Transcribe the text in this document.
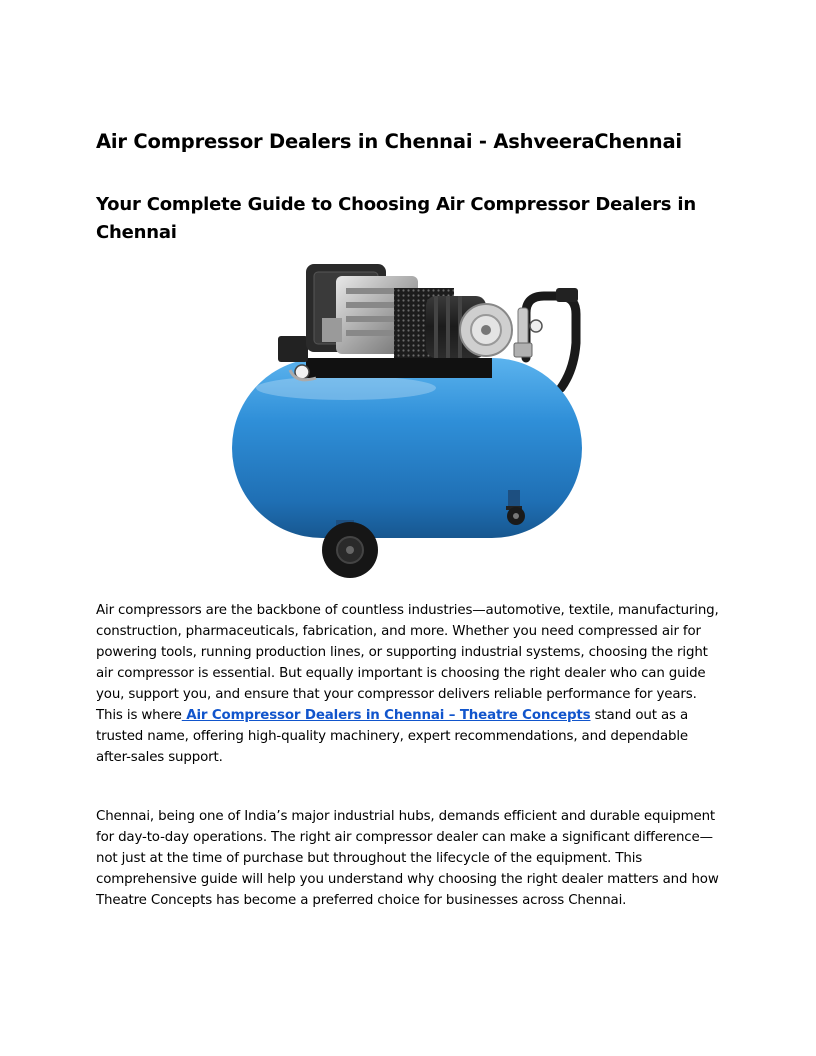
Air Compressor Dealers in Chennai - AshveeraChennai
Your Complete Guide to Choosing Air Compressor Dealers in Chennai

Air compressors are the backbone of countless industries—automotive, textile, manufacturing, construction, pharmaceuticals, fabrication, and more. Whether you need compressed air for powering tools, running production lines, or supporting industrial systems, choosing the right air compressor is essential. But equally important is choosing the right dealer who can guide you, support you, and ensure that your compressor delivers reliable performance for years.
This is where Air Compressor Dealers in Chennai – Theatre Concepts stand out as a trusted name, offering high-quality machinery, expert recommendations, and dependable after-sales support.

Chennai, being one of India’s major industrial hubs, demands efficient and durable equipment for day-to-day operations. The right air compressor dealer can make a significant difference—not just at the time of purchase but throughout the lifecycle of the equipment. This comprehensive guide will help you understand why choosing the right dealer matters and how Theatre Concepts has become a preferred choice for businesses across Chennai.
